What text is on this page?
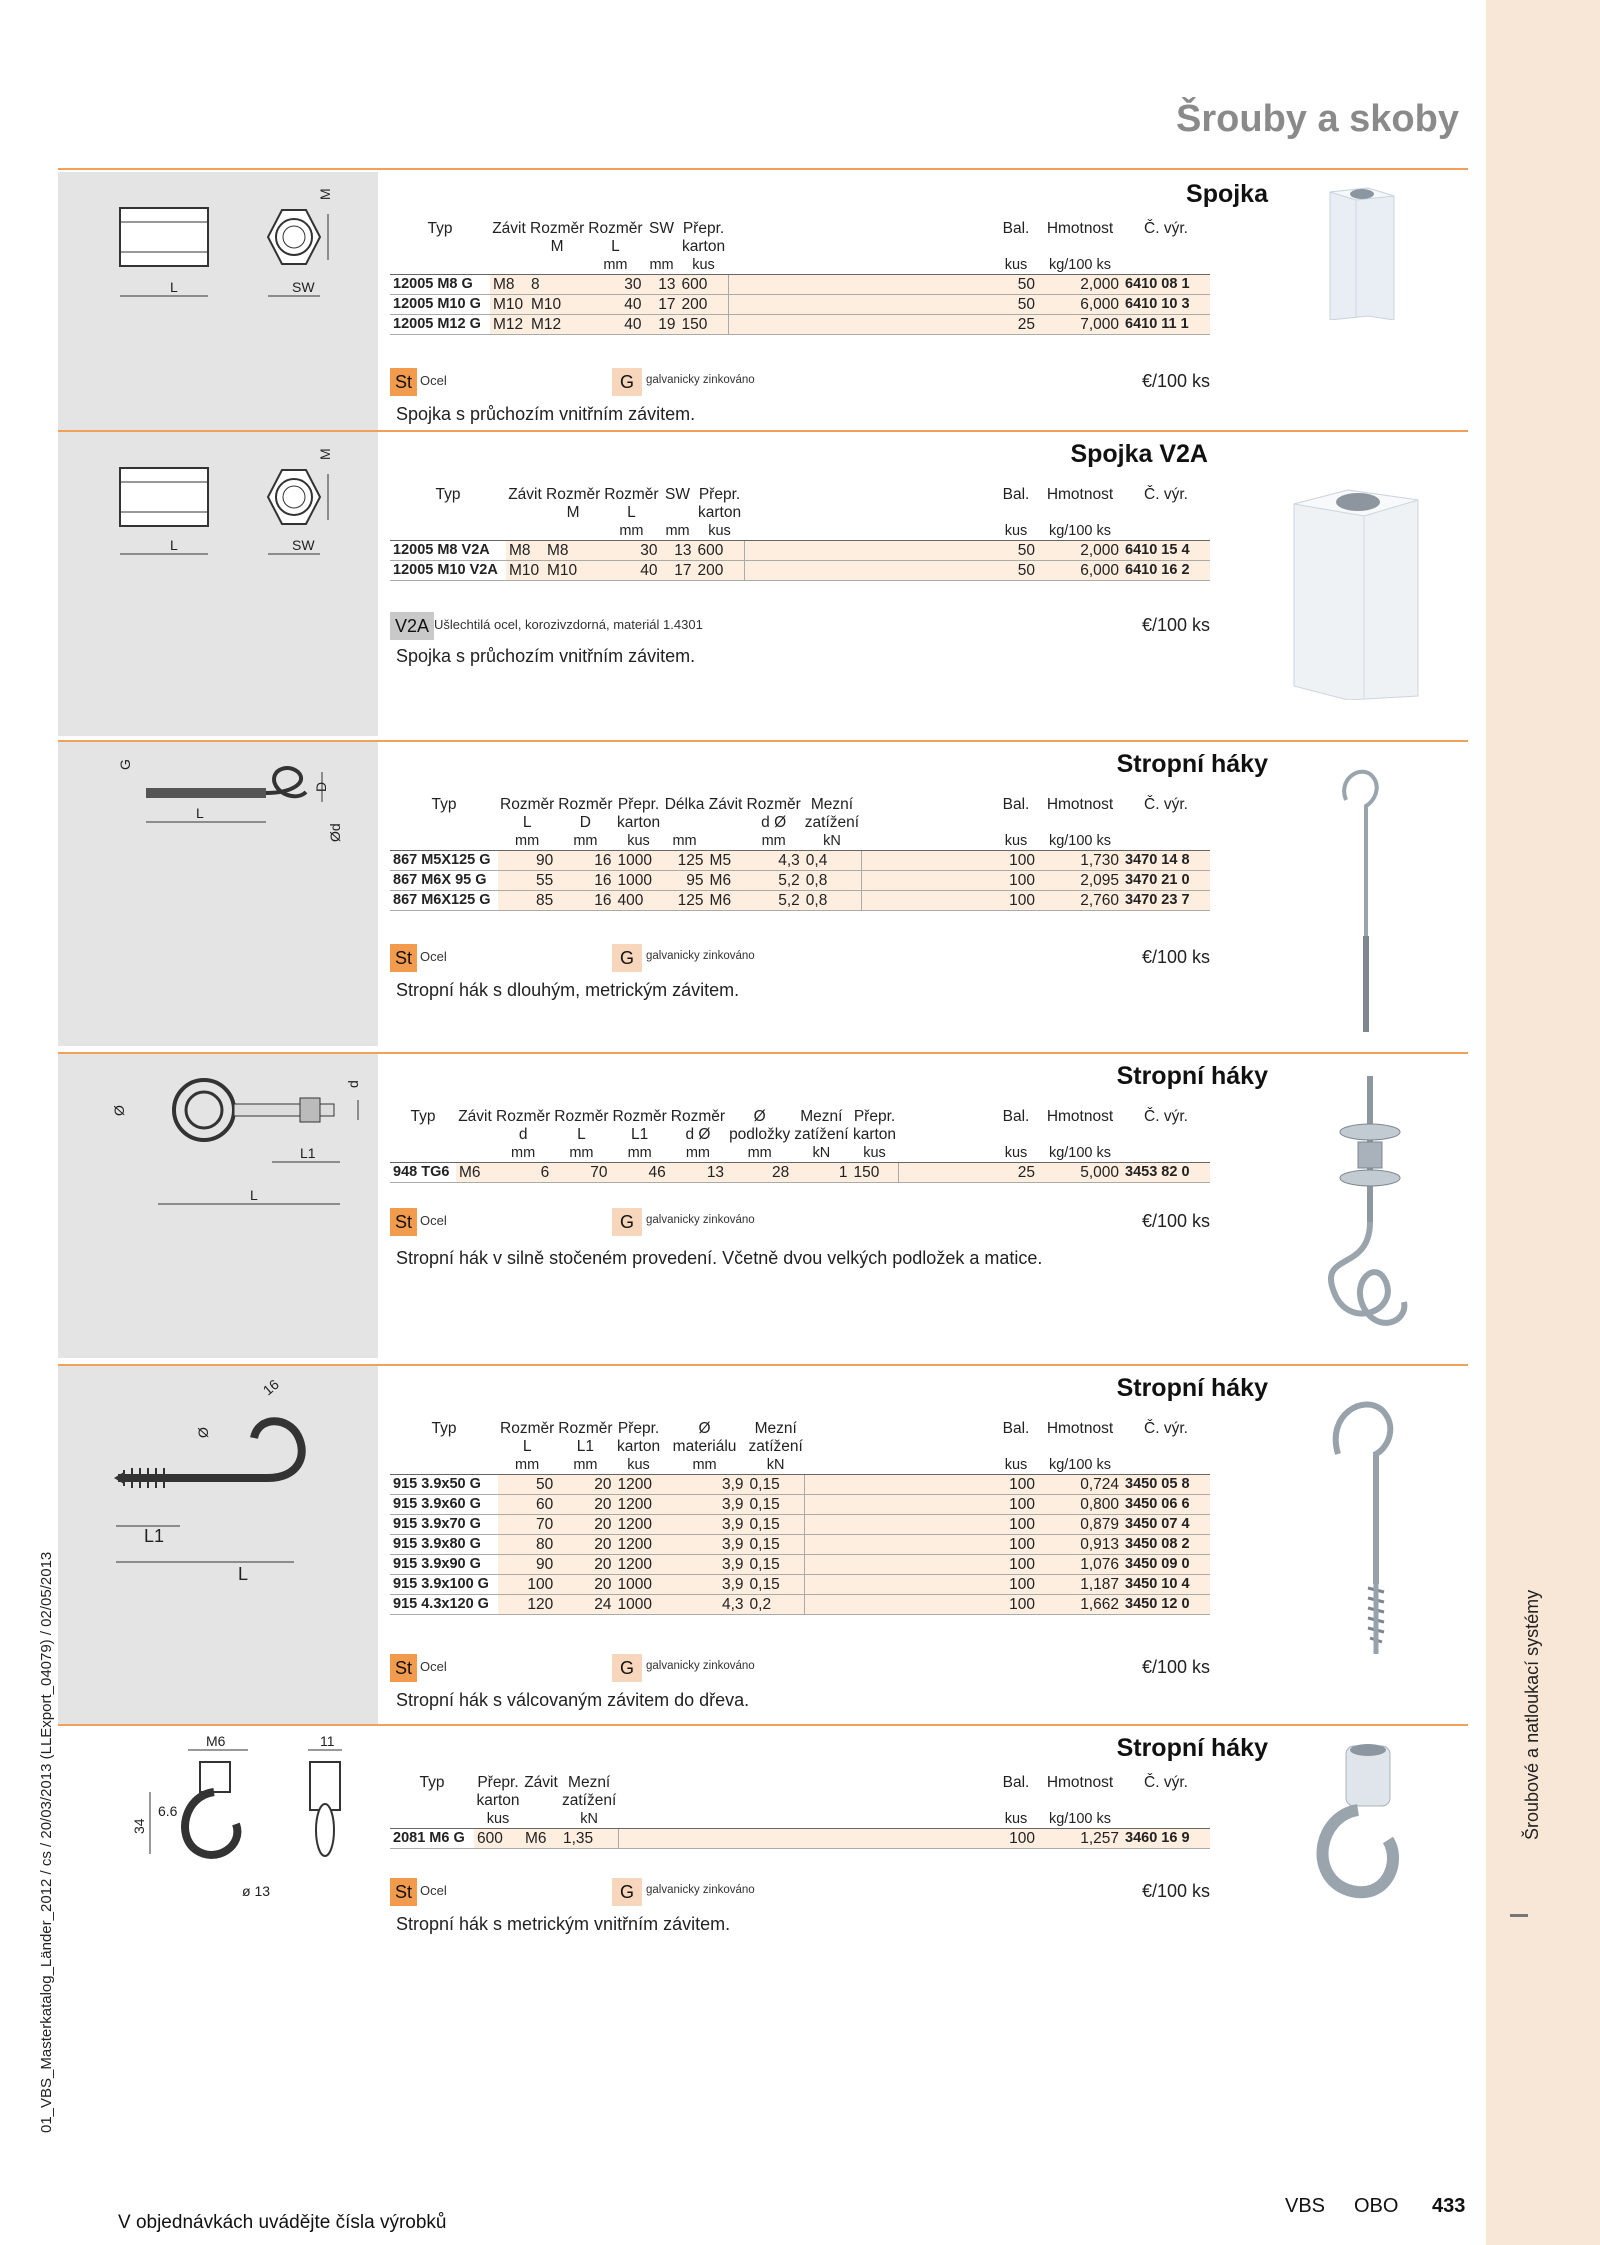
Šroubové a natloukací systémy
01_VBS_Masterkatalog_Länder_2012 / cs / 20/03/2013 (LLExport_04079) / 02/05/2013
Šrouby a skoby
M
L	SW
Spojka
Typ	Závit	Rozměr M	Rozměr L	SW	Přepr. karton		Bal.	Hmotnost	Č. výr.
			mm	mm	kus		kus	kg/100 ks	
12005 M8 G	M8	8	30	13	600		50	2,000	6410 08 1
12005 M10 G	M10	M10	40	17	200		50	6,000	6410 10 3
12005 M12 G	M12	M12	40	19	150		25	7,000	6410 11 1
St Ocel	G	galvanicky zinkováno	€/100 ks
Spojka s průchozím vnitřním závitem.
M
L	SW
Spojka V2A
Typ	Závit	Rozměr M	Rozměr L	SW	Přepr. karton		Bal.	Hmotnost	Č. výr.
			mm	mm	kus		kus	kg/100 ks	
12005 M8 V2A	M8	M8	30	13	600		50	2,000	6410 15 4
12005 M10 V2A	M10	M10	40	17	200		50	6,000	6410 16 2
V2A Ušlechtilá ocel, korozivzdorná, materiál 1.4301	€/100 ks
Spojka s průchozím vnitřním závitem.
G
L
D
Ød
Stropní háky
Typ	Rozměr L	Rozměr D	Přepr. karton	Délka	Závit	Rozměr d Ø	Mezní zatížení		Bal.	Hmotnost	Č. výr.
	mm	mm	kus	mm		mm	kN		kus	kg/100 ks	
867 M5X125 G	90	16	1000	125	M5	4,3	0,4		100	1,730	3470 14 8
867 M6X 95 G	55	16	1000	95	M6	5,2	0,8		100	2,095	3470 21 0
867 M6X125 G	85	16	400	125	M6	5,2	0,8		100	2,760	3470 23 7
St Ocel	G	galvanicky zinkováno	€/100 ks
Stropní hák s dlouhým, metrickým závitem.
d
Ø
L1
L
Stropní háky
Typ	Závit	Rozměr d	Rozměr L	Rozměr L1	Rozměr d Ø	Ø podložky	Mezní zatížení	Přepr. karton		Bal.	Hmotnost	Č. výr.
		mm	mm	mm	mm	mm	kN	kus		kus	kg/100 ks	
948 TG6	M6	6	70	46	13	28	1	150		25	5,000	3453 82 0
St Ocel	G	galvanicky zinkováno	€/100 ks
Stropní hák v silně stočeném provedení. Včetně dvou velkých podložek a matice.
16
Ø
L1
L
Stropní háky
Typ	Rozměr L	Rozměr L1	Přepr. karton	Ø materiálu	Mezní zatížení		Bal.	Hmotnost	Č. výr.
	mm	mm	kus	mm	kN		kus	kg/100 ks	
915 3.9x50 G	50	20	1200	3,9	0,15		100	0,724	3450 05 8
915 3.9x60 G	60	20	1200	3,9	0,15		100	0,800	3450 06 6
915 3.9x70 G	70	20	1200	3,9	0,15		100	0,879	3450 07 4
915 3.9x80 G	80	20	1200	3,9	0,15		100	0,913	3450 08 2
915 3.9x90 G	90	20	1200	3,9	0,15		100	1,076	3450 09 0
915 3.9x100 G	100	20	1000	3,9	0,15		100	1,187	3450 10 4
915 4.3x120 G	120	24	1000	4,3	0,2		100	1,662	3450 12 0
St Ocel	G	galvanicky zinkováno	€/100 ks
Stropní hák s válcovaným závitem do dřeva.
M6	11
6.6
34
ø 13
Stropní háky
Typ	Přepr. karton	Závit	Mezní zatížení		Bal.	Hmotnost	Č. výr.
	kus		kN		kus	kg/100 ks	
2081 M6 G	600	M6	1,35		100	1,257	3460 16 9
St Ocel	G	galvanicky zinkováno	€/100 ks
Stropní hák s metrickým vnitřním závitem.
V objednávkách uvádějte čísla výrobků
VBS OBO 433
